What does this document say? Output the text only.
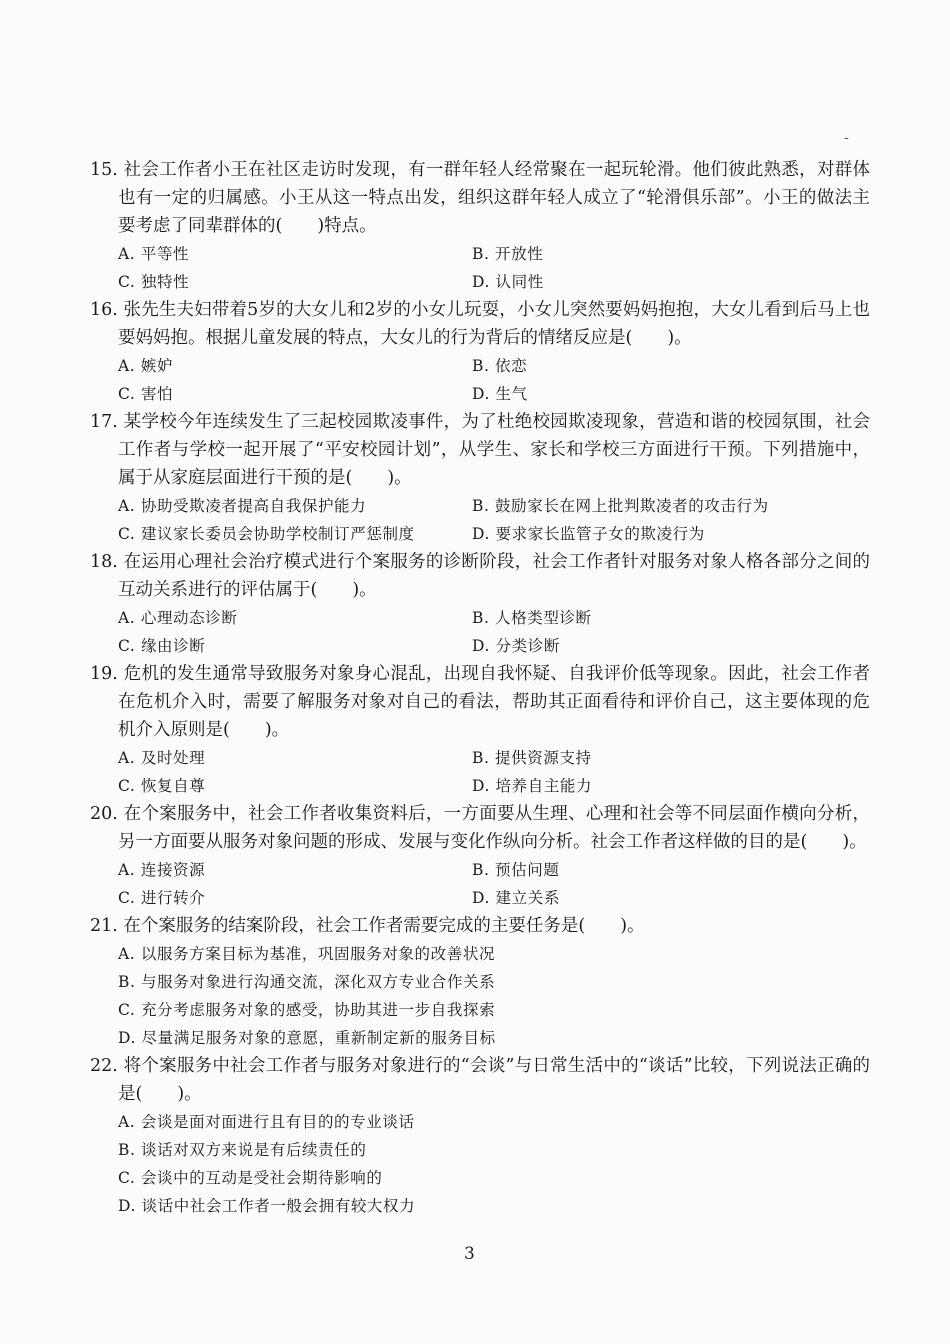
-

15. 社会工作者小王在社区走访时发现，有一群年轻人经常聚在一起玩轮滑。他们彼此熟悉，对群体也有一定的归属感。小王从这一特点出发，组织这群年轻人成立了“轮滑俱乐部”。小王的做法主要考虑了同辈群体的(　　)特点。

A. 平等性	B. 开放性
C. 独特性	D. 认同性

16. 张先生夫妇带着5岁的大女儿和2岁的小女儿玩耍，小女儿突然要妈妈抱抱，大女儿看到后马上也要妈妈抱。根据儿童发展的特点，大女儿的行为背后的情绪反应是(　　)。

A. 嫉妒	B. 依恋
C. 害怕	D. 生气

17. 某学校今年连续发生了三起校园欺凌事件，为了杜绝校园欺凌现象，营造和谐的校园氛围，社会工作者与学校一起开展了“平安校园计划”，从学生、家长和学校三方面进行干预。下列措施中，属于从家庭层面进行干预的是(　　)。

A. 协助受欺凌者提高自我保护能力	B. 鼓励家长在网上批判欺凌者的攻击行为
C. 建议家长委员会协助学校制订严惩制度	D. 要求家长监管子女的欺凌行为

18. 在运用心理社会治疗模式进行个案服务的诊断阶段，社会工作者针对服务对象人格各部分之间的互动关系进行的评估属于(　　)。

A. 心理动态诊断	B. 人格类型诊断
C. 缘由诊断	D. 分类诊断

19. 危机的发生通常导致服务对象身心混乱，出现自我怀疑、自我评价低等现象。因此，社会工作者在危机介入时，需要了解服务对象对自己的看法，帮助其正面看待和评价自己，这主要体现的危机介入原则是(　　)。

A. 及时处理	B. 提供资源支持
C. 恢复自尊	D. 培养自主能力

20. 在个案服务中，社会工作者收集资料后，一方面要从生理、心理和社会等不同层面作横向分析，另一方面要从服务对象问题的形成、发展与变化作纵向分析。社会工作者这样做的目的是(　　)。

A. 连接资源	B. 预估问题
C. 进行转介	D. 建立关系

21. 在个案服务的结案阶段，社会工作者需要完成的主要任务是(　　)。

A. 以服务方案目标为基准，巩固服务对象的改善状况
B. 与服务对象进行沟通交流，深化双方专业合作关系
C. 充分考虑服务对象的感受，协助其进一步自我探索
D. 尽量满足服务对象的意愿，重新制定新的服务目标

22. 将个案服务中社会工作者与服务对象进行的“会谈”与日常生活中的“谈话”比较，下列说法正确的是(　　)。

A. 会谈是面对面进行且有目的的专业谈话
B. 谈话对双方来说是有后续责任的
C. 会谈中的互动是受社会期待影响的
D. 谈话中社会工作者一般会拥有较大权力
3
